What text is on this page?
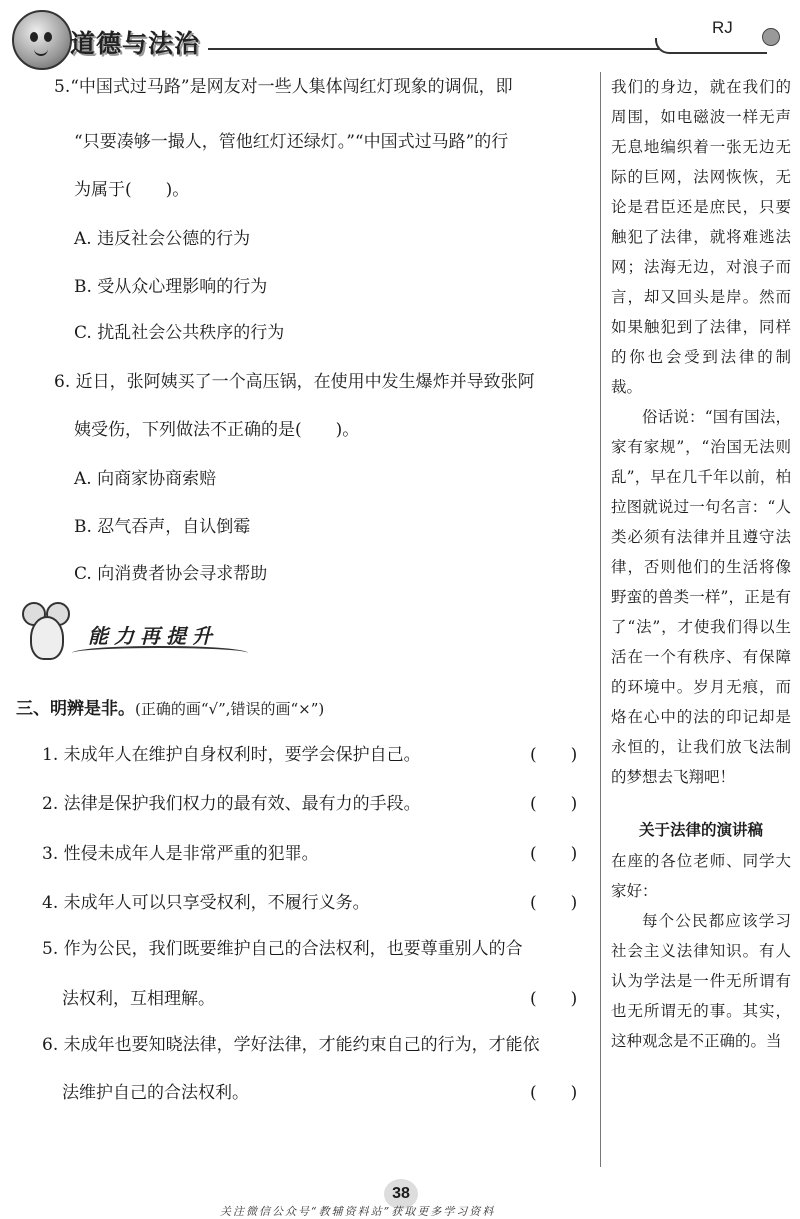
道德与法治
RJ
5.“中国式过马路”是网友对一些人集体闯红灯现象的调侃，即
“只要凑够一撮人，管他红灯还绿灯。”“中国式过马路”的行
为属于(　　)。
A. 违反社会公德的行为
B. 受从众心理影响的行为
C. 扰乱社会公共秩序的行为
6. 近日，张阿姨买了一个高压锅，在使用中发生爆炸并导致张阿
姨受伤，下列做法不正确的是(　　)。
A. 向商家协商索赔
B. 忍气吞声，自认倒霉
C. 向消费者协会寻求帮助
能力再提升
三、明辨是非。(正确的画“√”,错误的画“×”)
1. 未成年人在维护自身权利时，要学会保护自己。	(　　)
2. 法律是保护我们权力的最有效、最有力的手段。	(　　)
3. 性侵未成年人是非常严重的犯罪。	(　　)
4. 未成年人可以只享受权利，不履行义务。	(　　)
5. 作为公民，我们既要维护自己的合法权利，也要尊重别人的合
法权利，互相理解。	(　　)
6. 未成年也要知晓法律，学好法律，才能约束自己的行为，才能依
法维护自己的合法权利。	(　　)

我们的身边，就在我们的周围，如电磁波一样无声无息地编织着一张无边无际的巨网，法网恢恢，无论是君臣还是庶民，只要触犯了法律，就将难逃法网；法海无边，对浪子而言，却又回头是岸。然而如果触犯到了法律，同样的你也会受到法律的制裁。

俗话说：“国有国法，家有家规”，“治国无法则乱”，早在几千年以前，柏拉图就说过一句名言：“人类必须有法律并且遵守法律，否则他们的生活将像野蛮的兽类一样”，正是有了“法”，才使我们得以生活在一个有秩序、有保障的环境中。岁月无痕，而烙在心中的法的印记却是永恒的，让我们放飞法制的梦想去飞翔吧！

关于法律的演讲稿

在座的各位老师、同学大家好：

每个公民都应该学习社会主义法律知识。有人认为学法是一件无所谓有也无所谓无的事。其实，这种观念是不正确的。当

38
关注微信公众号“教辅资料站”获取更多学习资料
